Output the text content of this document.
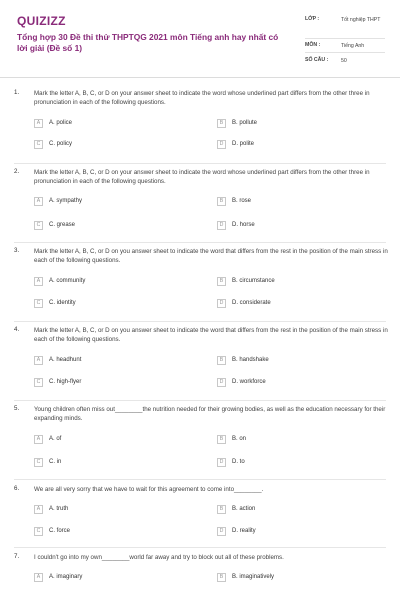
QUIZIZZ
Tổng hợp 30 Đề thi thử THPTQG 2021 môn Tiếng anh hay nhất có lời giải (Đề số 1)
LỚP :	Tốt nghiệp THPT
MÔN :	Tiếng Anh
SỐ CÂU :	50
1. Mark the letter A, B, C, or D on your answer sheet to indicate the word whose underlined part differs from the other three in pronunciation in each of the following questions.
A	A. police	B	B. pollute
C	C. policy	D	D. polite
2. Mark the letter A, B, C, or D on your answer sheet to indicate the word whose underlined part differs from the other three in pronunciation in each of the following questions.
A	A. sympathy	B	B. rose
C	C. grease	D	D. horse
3. Mark the letter A, B, C, or D on you answer sheet to indicate the word that differs from the rest in the position of the main stress in each of the following questions.
A	A. community	B	B. circumstance
C	C. identity	D	D. considerate
4. Mark the letter A, B, C, or D on you answer sheet to indicate the word that differs from the rest in the position of the main stress in each of the following questions.
A	A. headhunt	B	B. handshake
C	C. high-flyer	D	D. workforce
5. Young children often miss out________the nutrition needed for their growing bodies, as well as the education necessary for their expanding minds.
A	A. of	B	B. on
C	C. in	D	D. to
6. We are all very sorry that we have to wait for this agreement to come into________.
A	A. truth	B	B. action
C	C. force	D	D. reality
7. I couldn't go into my own________world far away and try to block out all of these problems.
A	A. imaginary	B	B. imaginatively
